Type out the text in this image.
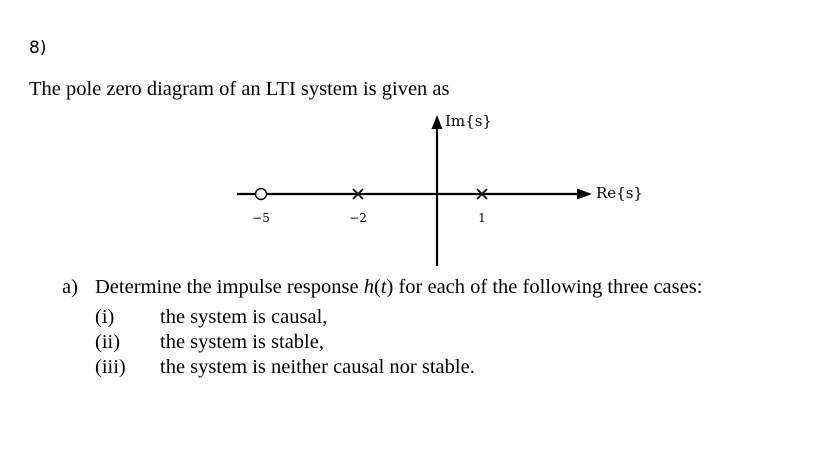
8)
The pole zero diagram of an LTI system is given as
Im{s}
Re{s}
−5	−2	1
a) Determine the impulse response h(t) for each of the following three cases:
(i) the system is causal,
(ii) the system is stable,
(iii) the system is neither causal nor stable.
